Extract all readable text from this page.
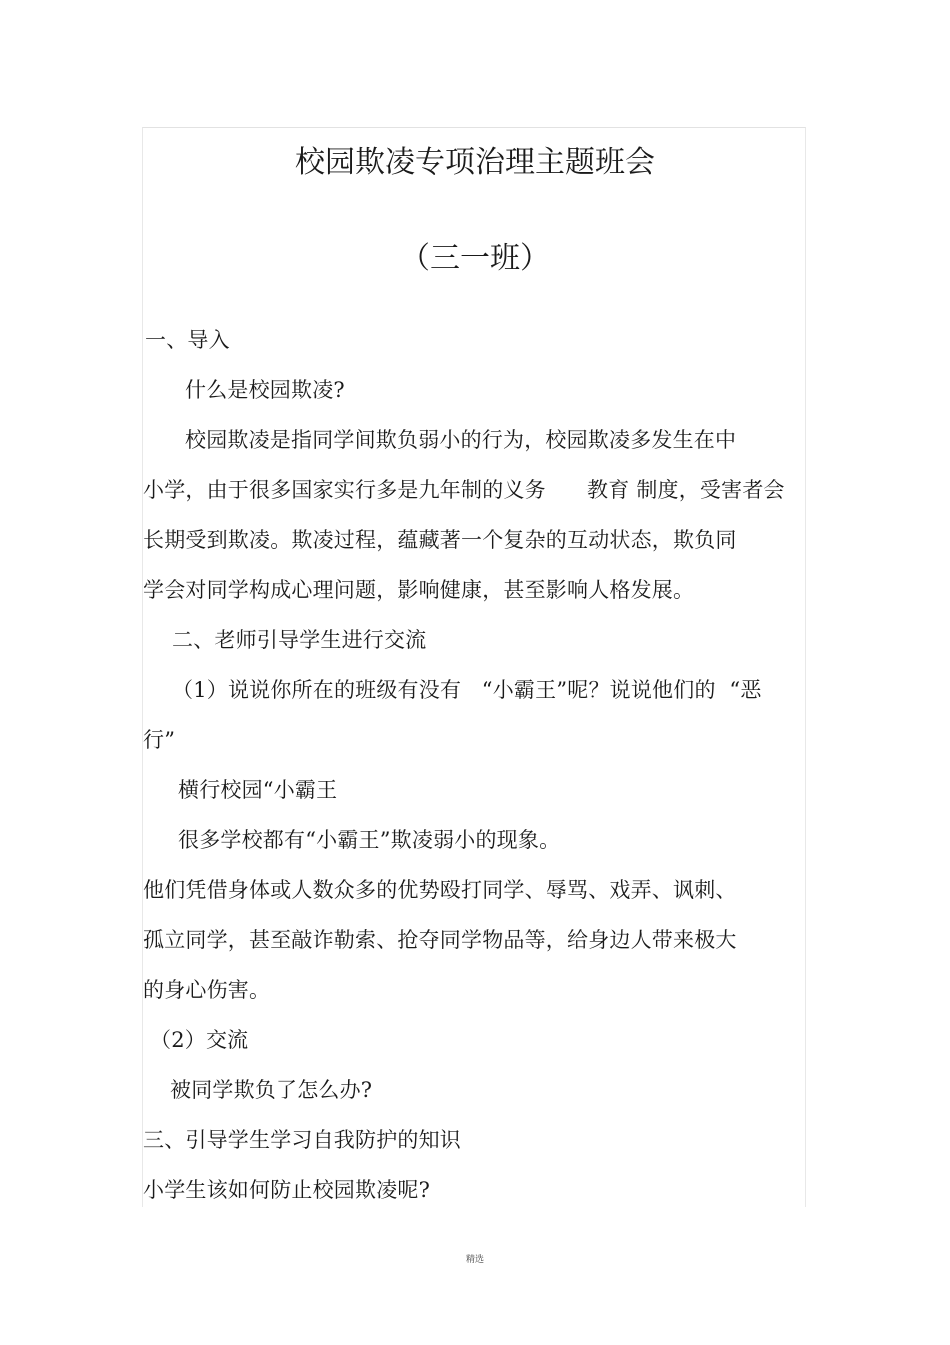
校园欺凌专项治理主题班会
（三一班）
一、导入
什么是校园欺凌?
校园欺凌是指同学间欺负弱小的行为，校园欺凌多发生在中
小学，由于很多国家实行多是九年制的义务      教育 制度，受害者会
长期受到欺凌。欺凌过程，蕴藏著一个复杂的互动状态，欺负同
学会对同学构成心理问题，影响健康，甚至影响人格发展。
二、老师引导学生进行交流
（1）说说你所在的班级有没有   “小霸王”呢？说说他们的  “恶
行”
横行校园“小霸王
很多学校都有“小霸王”欺凌弱小的现象。
他们凭借身体或人数众多的优势殴打同学、辱骂、戏弄、讽刺、
孤立同学，甚至敲诈勒索、抢夺同学物品等，给身边人带来极大
的身心伤害。
（2）交流
被同学欺负了怎么办?
三、引导学生学习自我防护的知识
小学生该如何防止校园欺凌呢?
精选
